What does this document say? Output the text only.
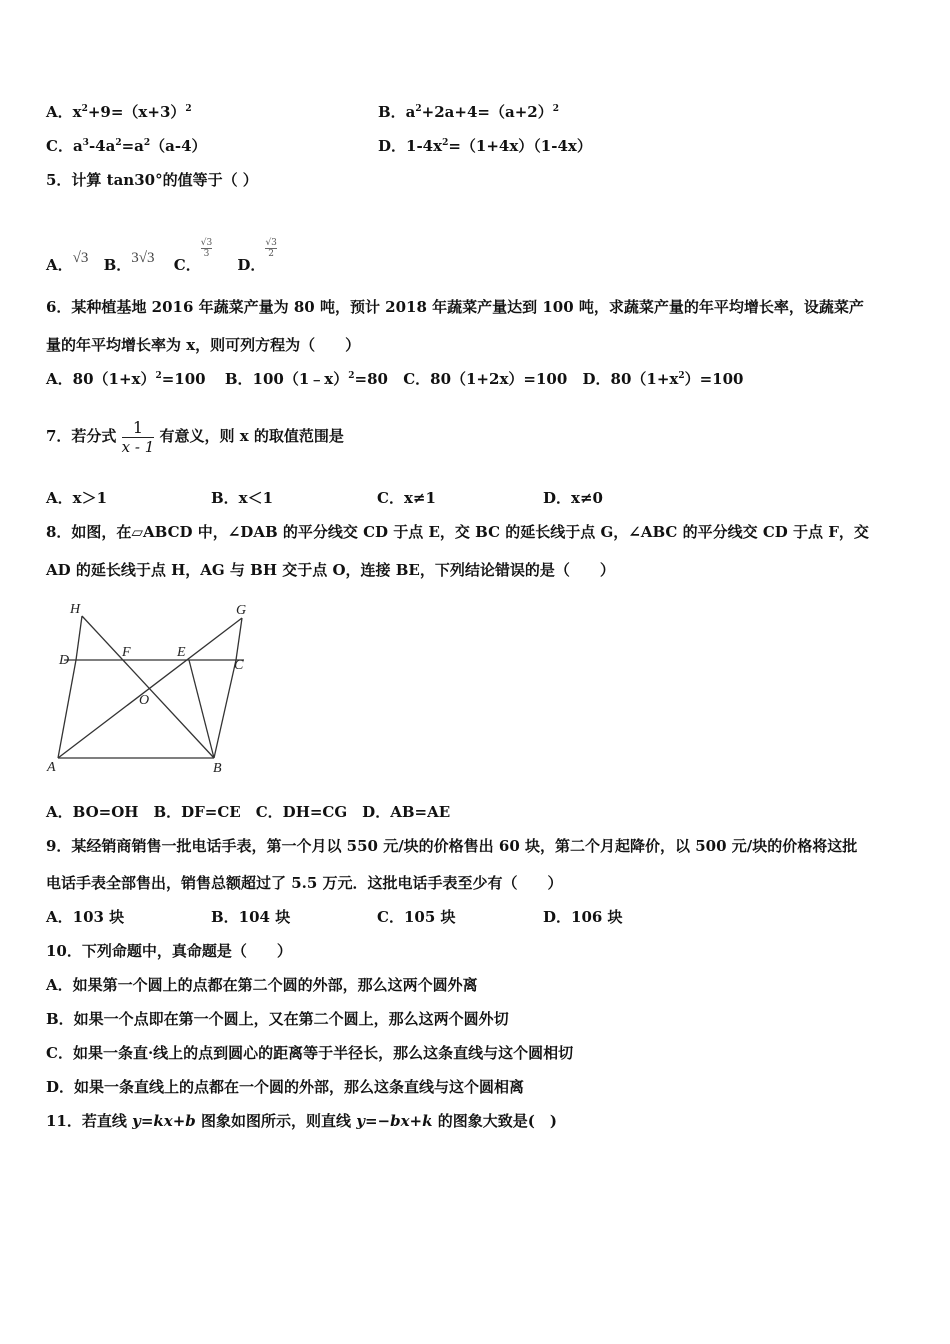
A．$x^2+9=(x+3)^2$	B．$a^2+2a+4=(a+2)^2$
C．$a^3-4a^2=a^2(a-4)$	D．$1-4x^2=(1+4x)(1-4x)$
5．计算 tan30°的值等于（ ）
A．√3 B．3√3 C．
$\frac{√3}{3}$
D．
$\frac{√3}{2}$
6．某种植基地 2016 年蔬菜产量为 80 吨，预计 2018 年蔬菜产量达到 100 吨，求蔬菜产量的年平均增长率，设蔬菜产
量的年平均增长率为 x，则可列方程为（　　）
A．$80(1+x)^2=100$ B．100（1﹣x）$^2$=80 C．80（1+2x）=100 D．$80(1+x^2)=100$
7．若分式 $\frac{1}{x - 1}$ 有意义，则 x 的取值范围是
A．x＞1	B．x＜1	C．x≠1	D．x≠0
8．如图，在▱ABCD 中，∠DAB 的平分线交 CD 于点 E，交 BC 的延长线于点 G，∠ABC 的平分线交 CD 于点 F，交
AD 的延长线于点 H，AG 与 BH 交于点 O，连接 BE，下列结论错误的是（　　）
H	G
D
F	E
C
O
A	B
A．BO=OH　B．DF=CE　C．DH=CG　D．AB=AE
9．某经销商销售一批电话手表，第一个月以 550 元/块的价格售出 60 块，第二个月起降价，以 500 元/块的价格将这批
电话手表全部售出，销售总额超过了 5.5 万元．这批电话手表至少有（　　）
A．103 块	B．104 块	C．105 块	D．106 块
10．下列命题中，真命题是（　　）
A．如果第一个圆上的点都在第二个圆的外部，那么这两个圆外离
B．如果一个点即在第一个圆上，又在第二个圆上，那么这两个圆外切
C．如果一条直·线上的点到圆心的距离等于半径长，那么这条直线与这个圆相切
D．如果一条直线上的点都在一个圆的外部，那么这条直线与这个圆相离
11．若直线 y=kx+b 图象如图所示，则直线 y=−bx+k 的图象大致是(　)
